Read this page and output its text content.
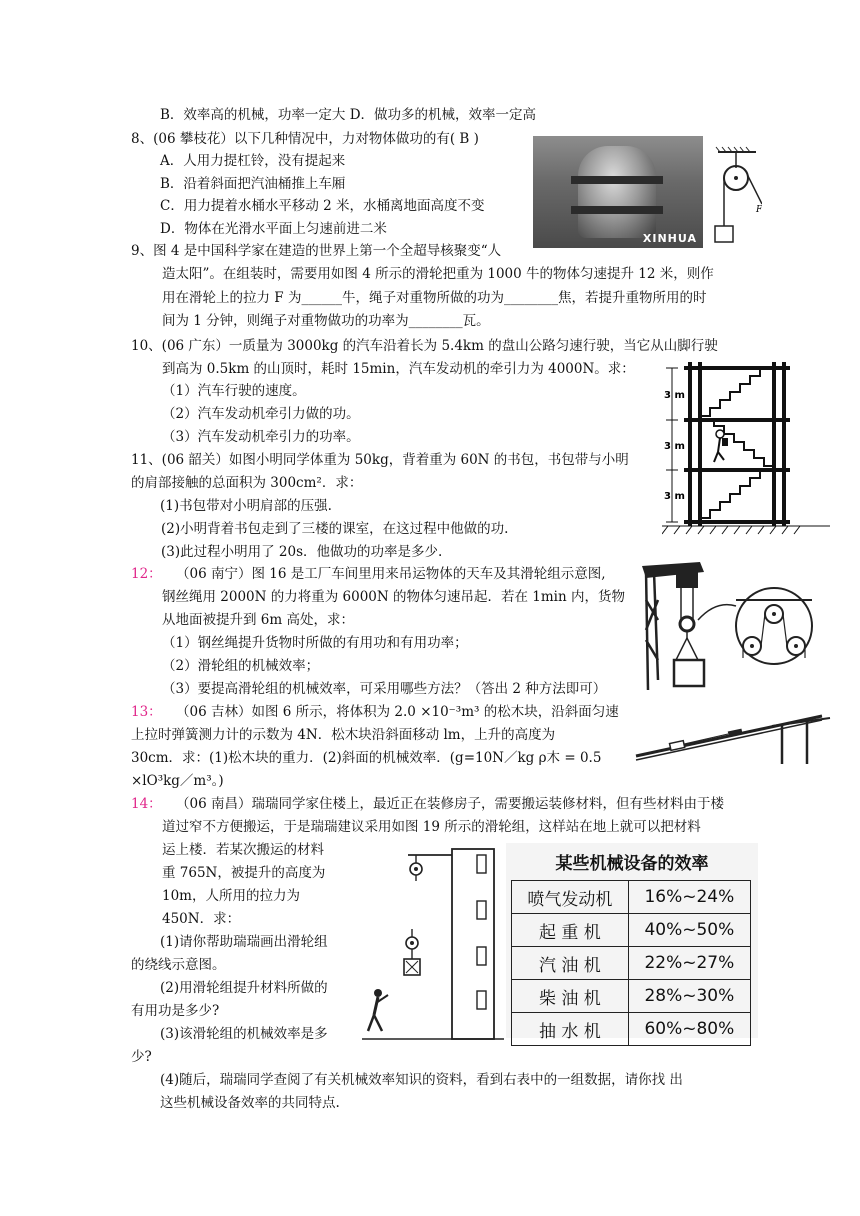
B．效率高的机械，功率一定大 D．做功多的机械，效率一定高
8、(06 攀枝花）以下几种情况中，力对物体做功的有( B )
A．人用力提杠铃，没有提起来
B．沿着斜面把汽油桶推上车厢
C．用力提着水桶水平移动 2 米，水桶离地面高度不变
D．物体在光滑水平面上匀速前进二米
9、图 4 是中国科学家在建造的世界上第一个全超导核聚变“人
造太阳”。在组装时，需要用如图 4 所示的滑轮把重为 1000 牛的物体匀速提升 12 米，则作
用在滑轮上的拉力 F 为______牛，绳子对重物所做的功为________焦，若提升重物所用的时
间为 1 分钟，则绳子对重物做功的功率为________瓦。
10、(06 广东）一质量为 3000kg 的汽车沿着长为 5.4km 的盘山公路匀速行驶，当它从山脚行驶
到高为 0.5km 的山顶时，耗时 15min，汽车发动机的牵引力为 4000N。求：
（1）汽车行驶的速度。
（2）汽车发动机牵引力做的功。
（3）汽车发动机牵引力的功率。
11、(06 韶关）如图小明同学体重为 50kg，背着重为 60N 的书包，书包带与小明
的肩部接触的总面积为 300cm²．求：
(1)书包带对小明肩部的压强.
(2)小明背着书包走到了三楼的课室，在这过程中他做的功.
(3)此过程小明用了 20s．他做功的功率是多少.
12： （06 南宁）图 16 是工厂车间里用来吊运物体的天车及其滑轮组示意图,
钢丝绳用 2000N 的力将重为 6000N 的物体匀速吊起．若在 1min 内，货物
从地面被提升到 6m 高处，求：
（1）钢丝绳提升货物时所做的有用功和有用功率；
（2）滑轮组的机械效率；
（3）要提高滑轮组的机械效率，可采用哪些方法？（答出 2 种方法即可）
13： （06 吉林）如图 6 所示，将体积为 2.0 ×10⁻³m³ 的松木块，沿斜面匀速
上拉时弹簧测力计的示数为 4N．松木块沿斜面移动 lm，上升的高度为
30cm．求：(1)松木块的重力．(2)斜面的机械效率．(g=10N／kg ρ木 = 0.5
×lO³kg／m³。)
14： （06 南昌）瑞瑞同学家住楼上，最近正在装修房子，需要搬运装修材料，但有些材料由于楼
道过窄不方便搬运，于是瑞瑞建议采用如图 19 所示的滑轮组，这样站在地上就可以把材料
运上楼．若某次搬运的材料
重 765N，被提升的高度为
10m，人所用的拉力为
450N．求：
(1)请你帮助瑞瑞画出滑轮组
的绕线示意图。
(2)用滑轮组提升材料所做的
有用功是多少?
(3)该滑轮组的机械效率是多
少?
(4)随后，瑞瑞同学查阅了有关机械效率知识的资料，看到右表中的一组数据，请你找 出
这些机械设备效率的共同特点.
XINHUA
F
3 m
3 m
3 m
某些机械设备的效率
喷气发动机	16%~24%
起 重 机	40%~50%
汽 油 机	22%~27%
柴 油 机	28%~30%
抽 水 机	60%~80%
